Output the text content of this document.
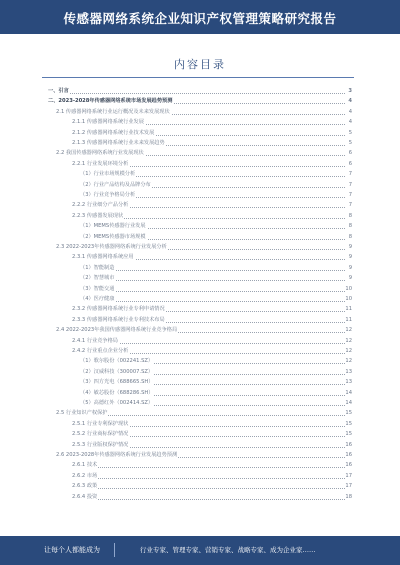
传感器网络系统企业知识产权管理策略研究报告
内容目录
一、引言	3
二、2023-2028年传感器网络系统市场发展趋势预测	4
2.1 传感器网络系统行业运行概况及未来发展现状	4
2.1.1 传感器网络系统行业发展	4
2.1.2 传感器网络系统行业技术发展	5
2.1.3 传感器网络系统行业未来发展趋势	5
2.2 我国传感器网络系统行业发展现状	6
2.2.1 行业发展环境分析	6
（1）行业市场规模分析	7
（2）行业产品结构及品牌分布	7
（3）行业竞争格局分析	7
2.2.2 行业细分产品分析	7
2.2.3 传感器发展现状	8
（1）MEMS传感器行业发展	8
（2）MEMS传感器市场规模	8
2.3 2022-2023年传感器网络系统行业发展分析	9
2.3.1 传感器网络系统应用	9
（1）智能制造	9
（2）智慧城市	9
（3）智能交通	10
（4）医疗健康	10
2.3.2 传感器网络系统行业专利申请情况	11
2.3.3 传感器网络系统行业专利技术布局	11
2.4 2022-2023年我国传感器网络系统行业竞争格局	12
2.4.1 行业竞争格局	12
2.4.2 行业重点企业分析	12
（1）歌尔股份（002241.SZ）	12
（2）汉威科技（300007.SZ）	13
（3）四方光电（688665.SH）	13
（4）敏芯股份（688286.SH）	14
（5）高德红外（002414.SZ）	14
2.5 行业知识产权保护	15
2.5.1 行业专利保护现状	15
2.5.2 行业商标保护情况	15
2.5.3 行业版权保护情况	16
2.6 2023-2028年传感器网络系统行业发展趋势预测	16
2.6.1 技术	16
2.6.2 市场	17
2.6.3 政策	17
2.6.4 投资	18
让每个人都能成为	行业专家、管理专家、营销专家、战略专家、成为企业家……
